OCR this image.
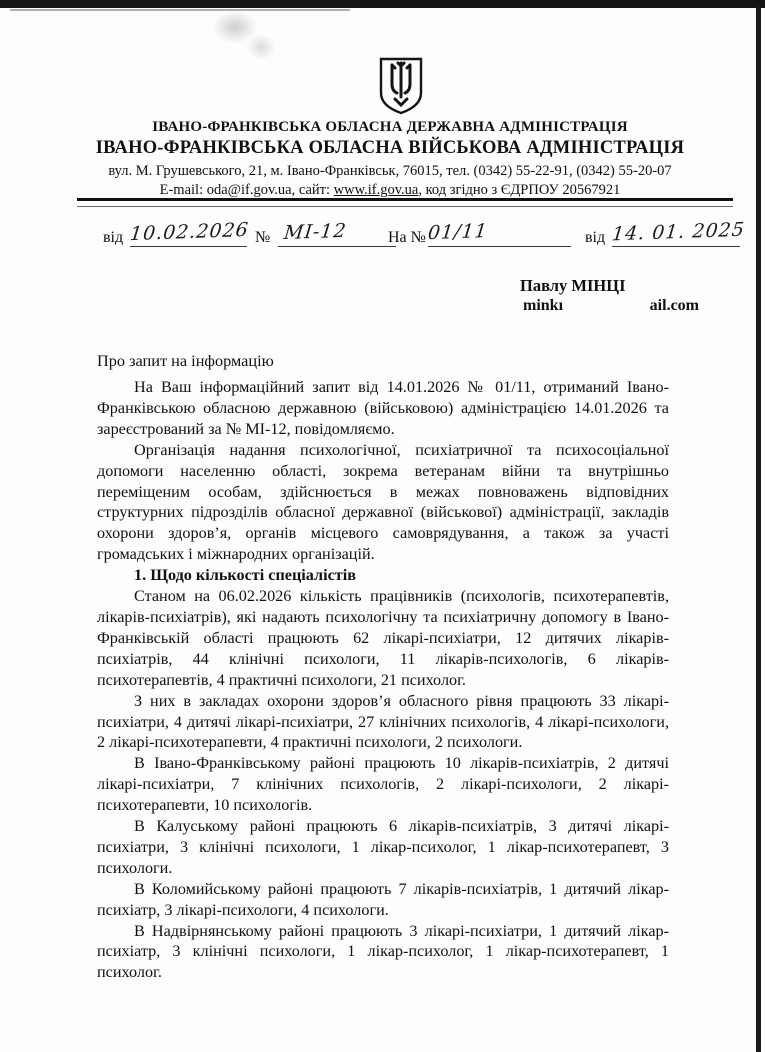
ІВАНО-ФРАНКІВСЬКА ОБЛАСНА ДЕРЖАВНА АДМІНІСТРАЦІЯ
ІВАНО-ФРАНКІВСЬКА ОБЛАСНА ВІЙСЬКОВА АДМІНІСТРАЦІЯ
вул. М. Грушевського, 21, м. Івано-Франківськ, 76015, тел. (0342) 55-22-91, (0342) 55-20-07
E-mail: oda@if.gov.ua, сайт: www.if.gov.ua, код згідно з ЄДРПОУ 20567921
від 10.02.2026 № МІ-12	На № 01/11	від 14. 01. 2025
Павлу МІНЦІ
minkı	ail.com
Про запит на інформацію

На Ваш інформаційний запит від 14.01.2026 № 01/11, отриманий Івано-Франківською обласною державною (військовою) адміністрацією 14.01.2026 та зареєстрований за № МІ-12, повідомляємо.

Організація надання психологічної, психіатричної та психосоціальної допомоги населенню області, зокрема ветеранам війни та внутрішньо переміщеним особам, здійснюється в межах повноважень відповідних структурних підрозділів обласної державної (військової) адміністрації, закладів охорони здоров’я, органів місцевого самоврядування, а також за участі громадських і міжнародних організацій.

1. Щодо кількості спеціалістів

Станом на 06.02.2026 кількість працівників (психологів, психотерапевтів, лікарів-психіатрів), які надають психологічну та психіатричну допомогу в Івано-Франківській області працюють 62 лікарі-психіатри, 12 дитячих лікарів-психіатрів, 44 клінічні психологи, 11 лікарів-психологів, 6 лікарів-психотерапевтів, 4 практичні психологи, 21 психолог.

З них в закладах охорони здоров’я обласного рівня працюють 33 лікарі-психіатри, 4 дитячі лікарі-психіатри, 27 клінічних психологів, 4 лікарі-психологи, 2 лікарі-психотерапевти, 4 практичні психологи, 2 психологи.

В Івано-Франківському районі працюють 10 лікарів-психіатрів, 2 дитячі лікарі-психіатри, 7 клінічних психологів, 2 лікарі-психологи, 2 лікарі-психотерапевти, 10 психологів.

В Калуському районі працюють 6 лікарів-психіатрів, 3 дитячі лікарі-психіатри, 3 клінічні психологи, 1 лікар-психолог, 1 лікар-психотерапевт, 3 психологи.

В Коломийському районі працюють 7 лікарів-психіатрів, 1 дитячий лікар-психіатр, 3 лікарі-психологи, 4 психологи.

В Надвірнянському районі працюють 3 лікарі-психіатри, 1 дитячий лікар-психіатр, 3 клінічні психологи, 1 лікар-психолог, 1 лікар-психотерапевт, 1 психолог.
